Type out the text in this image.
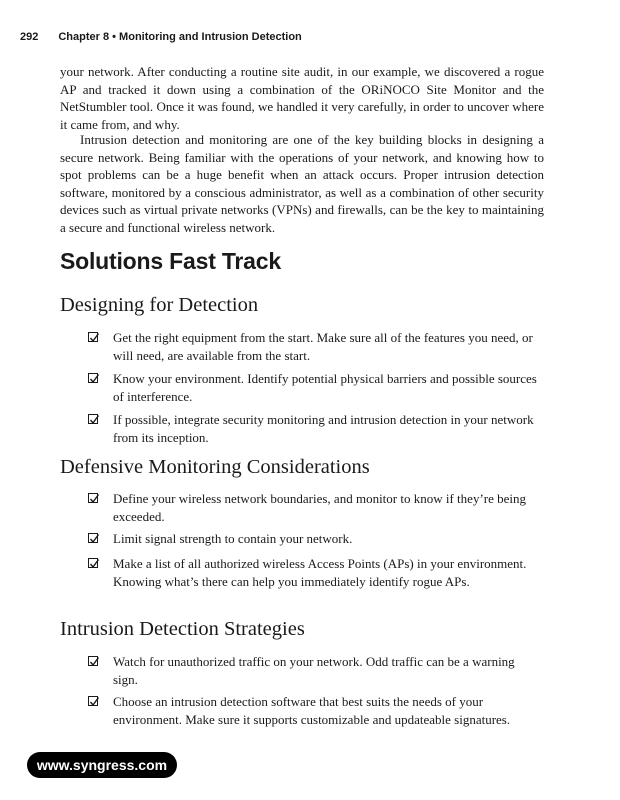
292 Chapter 8 • Monitoring and Intrusion Detection

your network. After conducting a routine site audit, in our example, we discovered a rogue AP and tracked it down using a combination of the ORiNOCO Site Monitor and the NetStumbler tool. Once it was found, we handled it very carefully, in order to uncover where it came from, and why.

Intrusion detection and monitoring are one of the key building blocks in designing a secure network. Being familiar with the operations of your network, and knowing how to spot problems can be a huge benefit when an attack occurs. Proper intrusion detection software, monitored by a conscious administrator, as well as a combination of other security devices such as virtual private networks (VPNs) and firewalls, can be the key to maintaining a secure and functional wireless network.

Solutions Fast Track
Designing for Detection
Get the right equipment from the start. Make sure all of the features you need, or will need, are available from the start.
Know your environment. Identify potential physical barriers and possible sources of interference.
If possible, integrate security monitoring and intrusion detection in your network from its inception.
Defensive Monitoring Considerations
Define your wireless network boundaries, and monitor to know if they’re being exceeded.
Limit signal strength to contain your network.
Make a list of all authorized wireless Access Points (APs) in your environment. Knowing what’s there can help you immediately identify rogue APs.
Intrusion Detection Strategies
Watch for unauthorized traffic on your network. Odd traffic can be a warning sign.
Choose an intrusion detection software that best suits the needs of your environment. Make sure it supports customizable and updateable signatures.
www.syngress.com
